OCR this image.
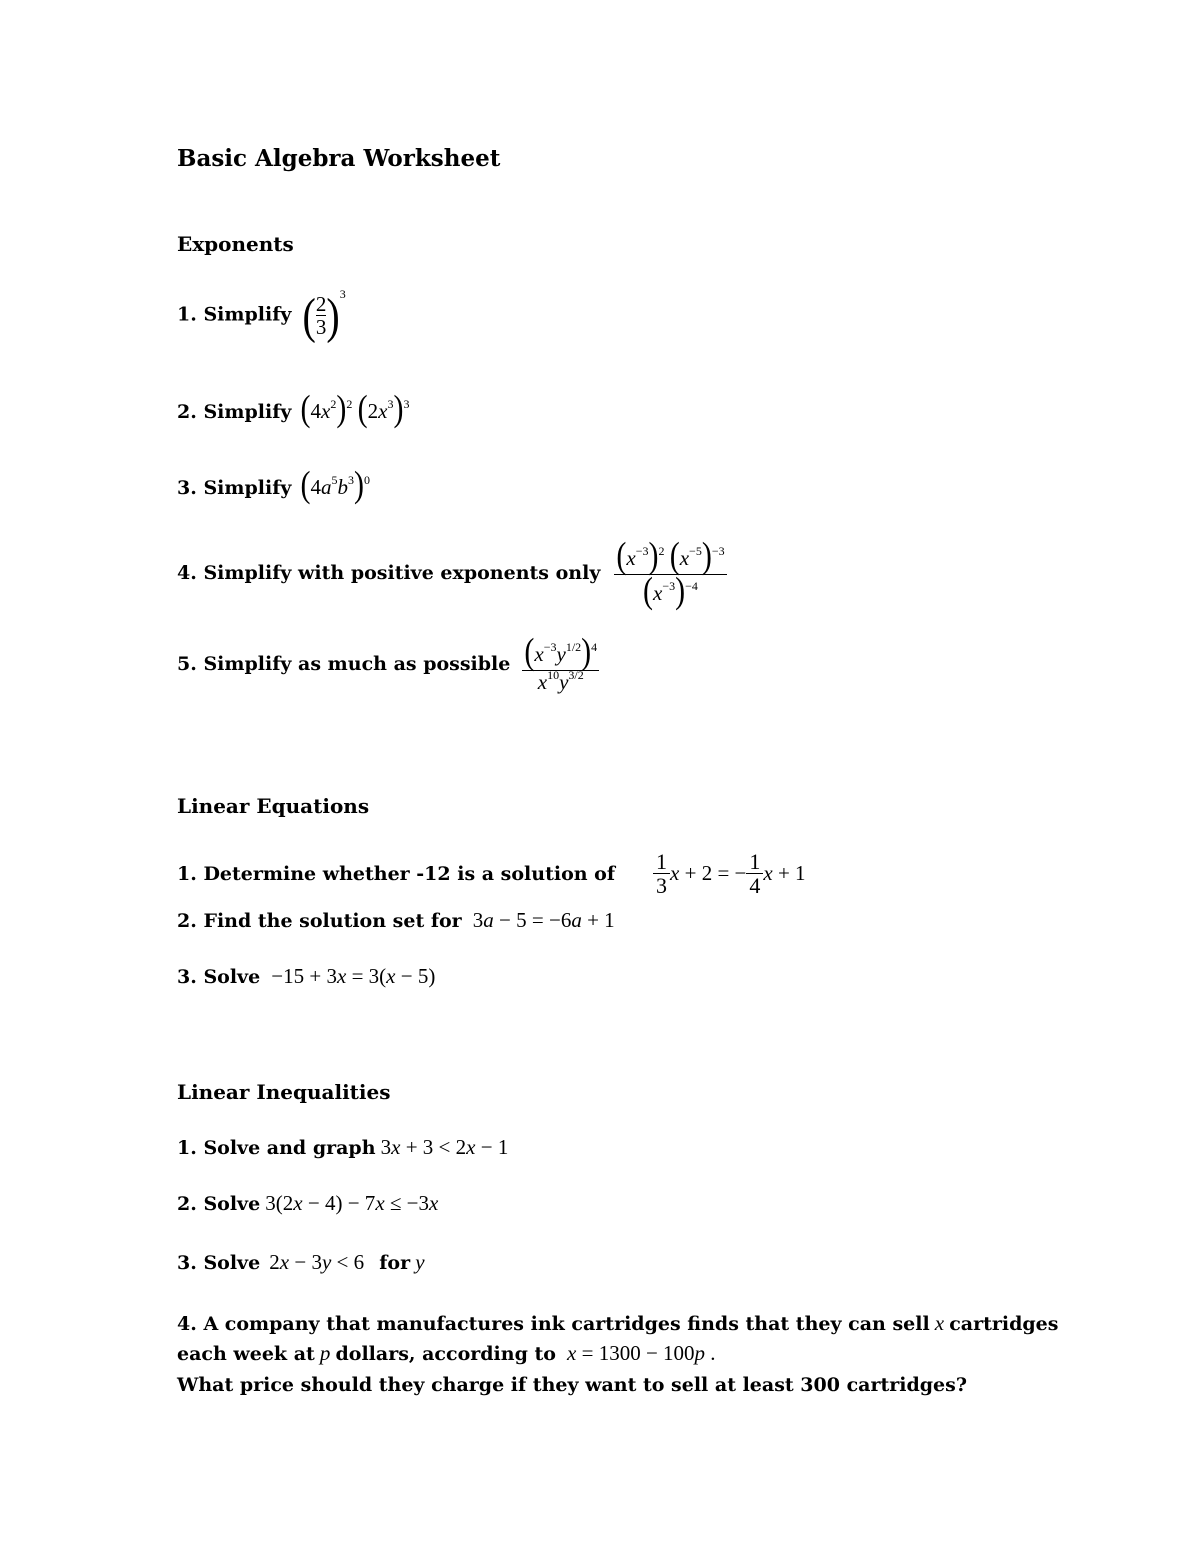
Basic Algebra Worksheet
Exponents
1. Simplify ( $\frac{2}{3} )^3$
2. Simplify $(4x^2)^2$ $(2x^3)^3$
3. Simplify $(4a^5b^3)^0$
4. Simplify with positive exponents only $\frac{(x^{-3})^2 (x^{-5})^{-3}}{(x^{-3})^{-4}}$
5. Simplify as much as possible $\frac{(x^{-3}y^{1/2})^4}{x^{10}y^{3/2}}$
Linear Equations
1. Determine whether -12 is a solution of $\frac{1}{3}$ x + 2 = − $\frac{1}{4}$ x + 1
2. Find the solution set for 3a − 5 = −6a + 1
3. Solve −15 + 3x = 3(x − 5)
Linear Inequalities
1. Solve and graph 3x + 3 < 2x − 1
2. Solve 3(2x − 4) − 7x ≤ −3x
3. Solve 2x − 3y < 6 for y
4. A company that manufactures ink cartridges finds that they can sell x cartridges
each week at p dollars, according to x = 1300 − 100p .
What price should they charge if they want to sell at least 300 cartridges?
